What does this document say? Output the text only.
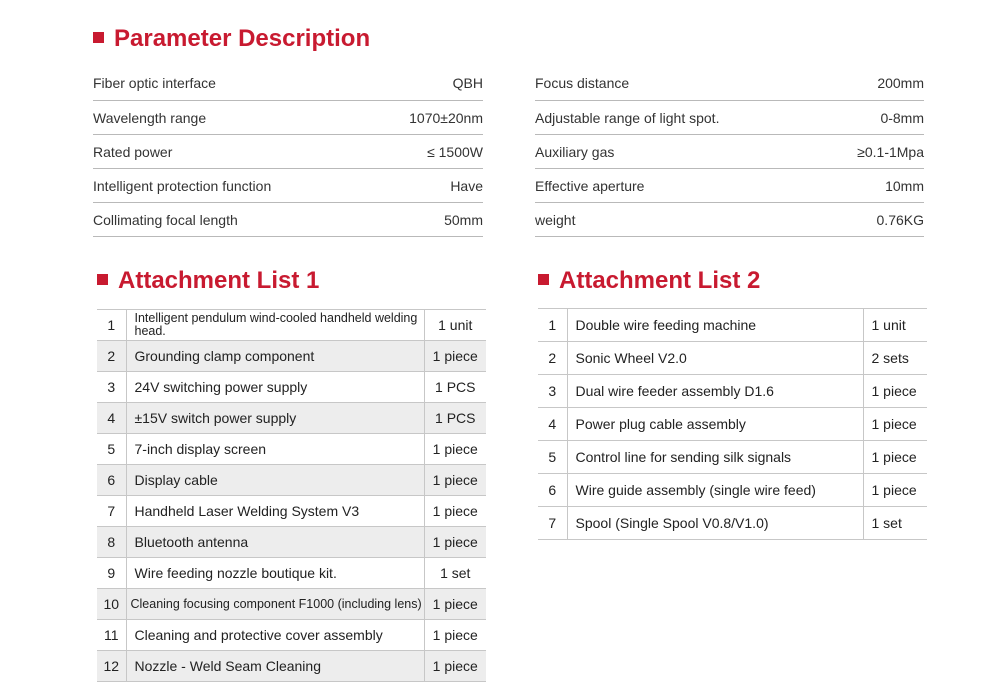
Parameter Description
Fiber optic interface	QBH
Wavelength range	1070±20nm
Rated power	≤ 1500W
Intelligent protection function	Have
Collimating focal length	50mm
Focus distance	200mm
Adjustable range of light spot.	0-8mm
Auxiliary gas	≥0.1-1Mpa
Effective aperture	10mm
weight	0.76KG
Attachment List 1
1	Intelligent pendulum wind-cooled handheld welding head.	1 unit
2	Grounding clamp component	1 piece
3	24V switching power supply	1 PCS
4	±15V switch power supply	1 PCS
5	7-inch display screen	1 piece
6	Display cable	1 piece
7	Handheld Laser Welding System V3	1 piece
8	Bluetooth antenna	1 piece
9	Wire feeding nozzle boutique kit.	1 set
10	Cleaning focusing component F1000 (including lens)	1 piece
11	Cleaning and protective cover assembly	1 piece
12	Nozzle - Weld Seam Cleaning	1 piece
Attachment List 2
1	Double wire feeding machine	1 unit
2	Sonic Wheel V2.0	2 sets
3	Dual wire feeder assembly D1.6	1 piece
4	Power plug cable assembly	1 piece
5	Control line for sending silk signals	1 piece
6	Wire guide assembly (single wire feed)	1 piece
7	Spool (Single Spool V0.8/V1.0)	1 set
